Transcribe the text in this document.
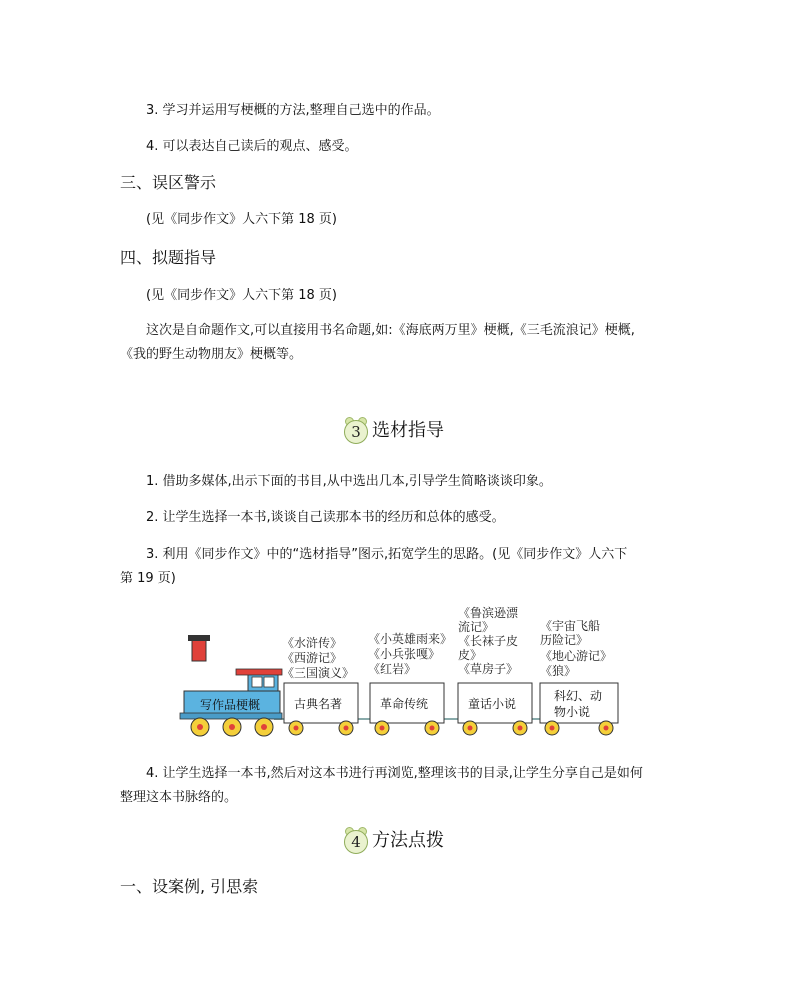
3. 学习并运用写梗概的方法,整理自己选中的作品。
4. 可以表达自己读后的观点、感受。
三、误区警示
(见《同步作文》人六下第 18 页)
四、拟题指导
(见《同步作文》人六下第 18 页)
这次是自命题作文,可以直接用书名命题,如:《海底两万里》梗概,《三毛流浪记》梗概,
《我的野生动物朋友》梗概等。
3 选材指导
1. 借助多媒体,出示下面的书目,从中选出几本,引导学生简略谈谈印象。
2. 让学生选择一本书,谈谈自己读那本书的经历和总体的感受。
3. 利用《同步作文》中的“选材指导”图示,拓宽学生的思路。(见《同步作文》人六下
第 19 页)
写作品梗概
《水浒传》
《西游记》
《三国演义》
古典名著
《小英雄雨来》
《小兵张嘎》
《红岩》
革命传统
《鲁滨逊漂
流记》
《长袜子皮
皮》
《草房子》
童话小说
《宇宙飞船
历险记》
《地心游记》
《狼》
科幻、动
物小说
4. 让学生选择一本书,然后对这本书进行再浏览,整理该书的目录,让学生分享自己是如何
整理这本书脉络的。
4 方法点拨
一、设案例, 引思索
